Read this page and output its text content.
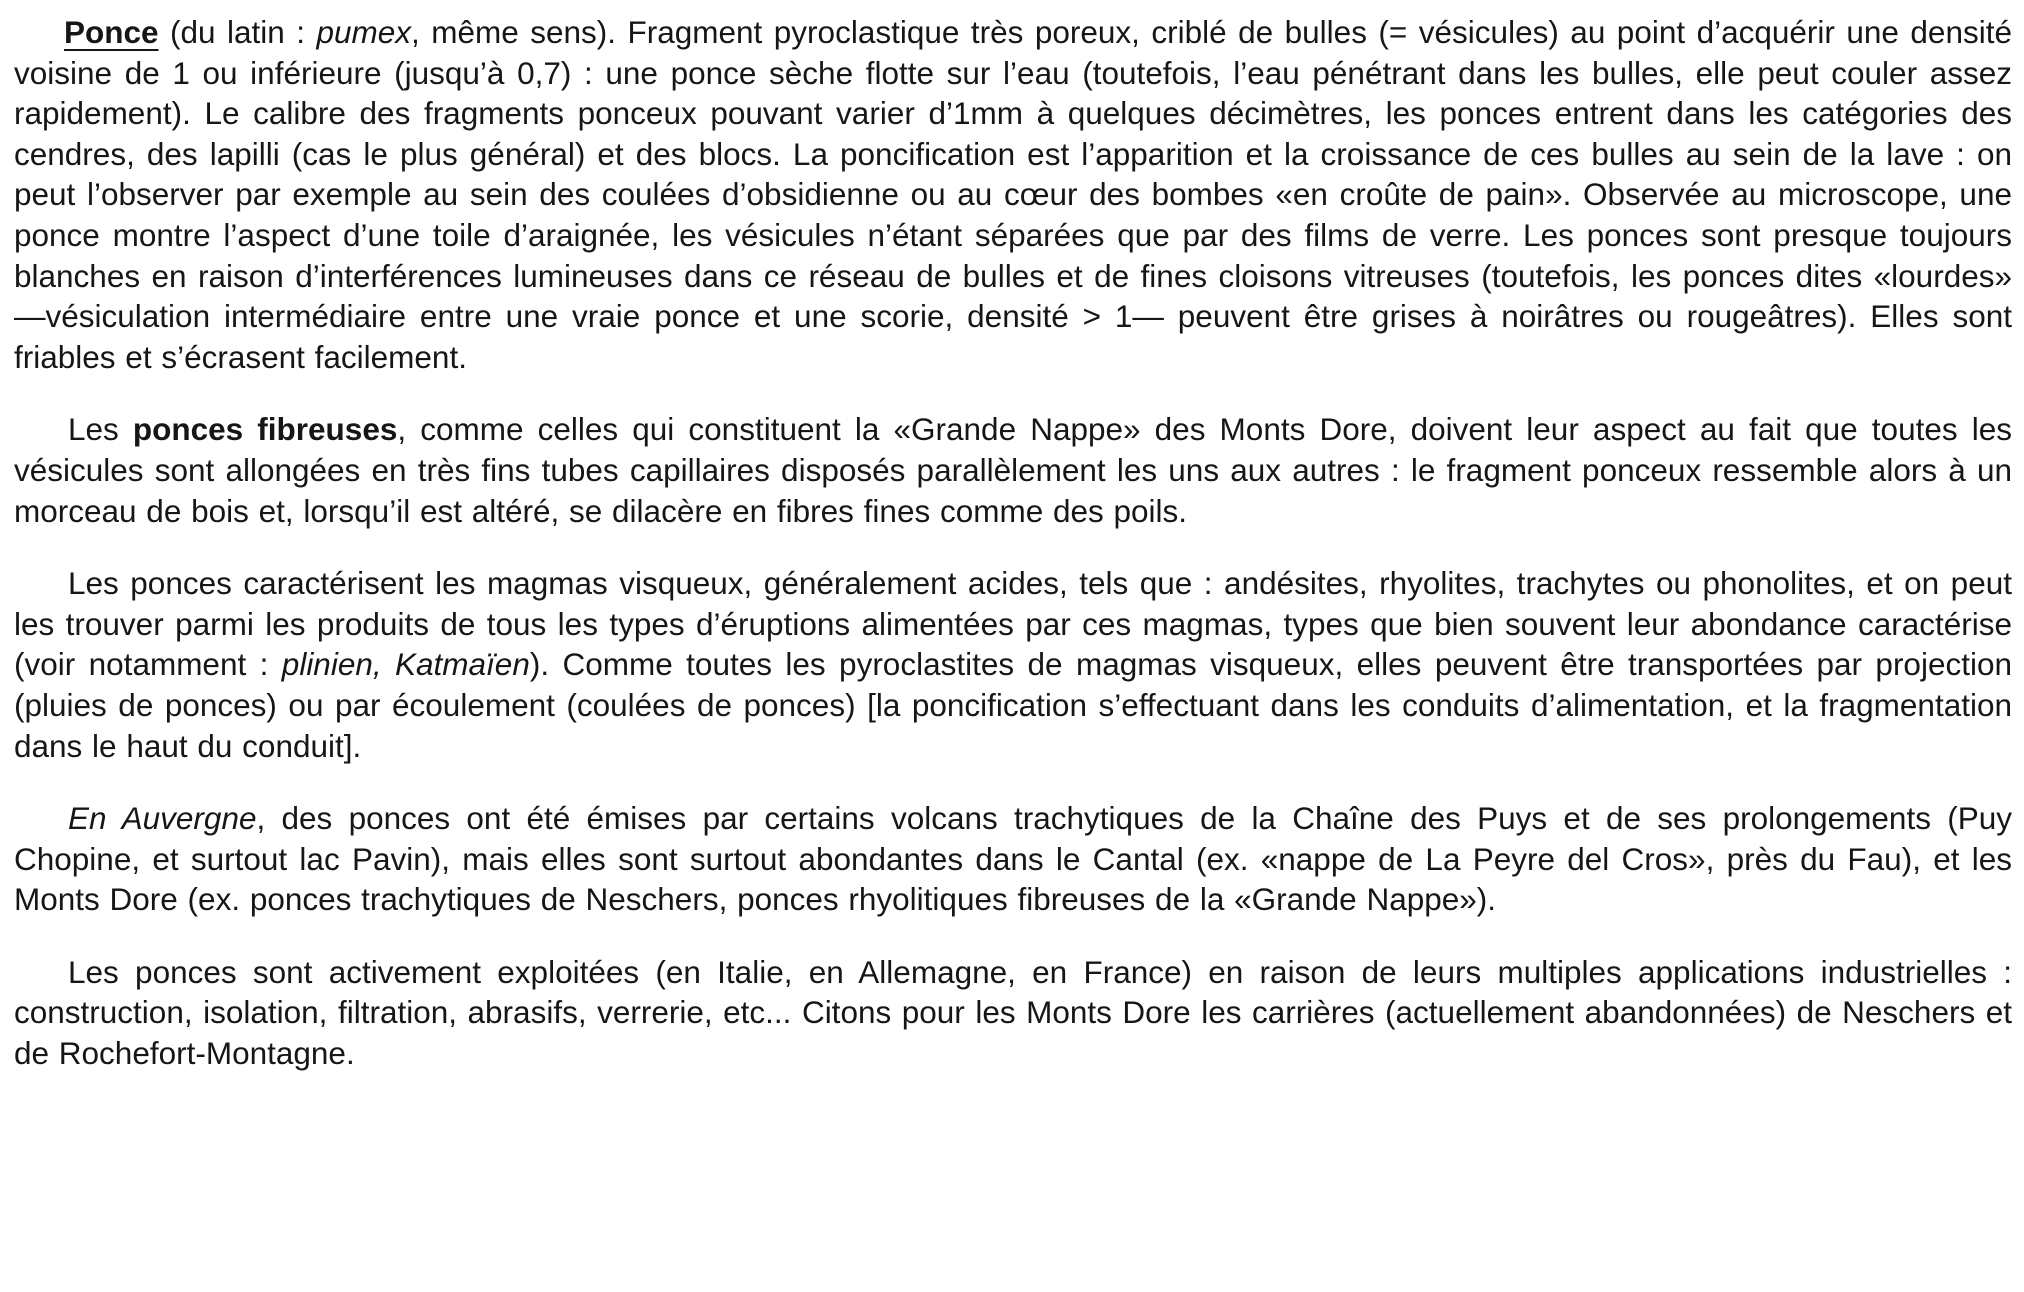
Ponce (du latin : pumex, même sens). Fragment pyroclastique très poreux, criblé de bulles (= vésicules) au point d’acquérir une densité voisine de 1 ou inférieure (jusqu’à 0,7) : une ponce sèche flotte sur l’eau (toutefois, l’eau pénétrant dans les bulles, elle peut couler assez rapidement). Le calibre des fragments ponceux pouvant varier d’1mm à quelques décimètres, les ponces entrent dans les catégories des cendres, des lapilli (cas le plus général) et des blocs. La poncification est l’apparition et la croissance de ces bulles au sein de la lave : on peut l’observer par exemple au sein des coulées d’obsidienne ou au cœur des bombes «en croûte de pain». Observée au microscope, une ponce montre l’aspect d’une toile d’araignée, les vésicules n’étant séparées que par des films de verre. Les ponces sont presque toujours blanches en raison d’interférences lumineuses dans ce réseau de bulles et de fines cloisons vitreuses (toutefois, les ponces dites «lourdes» —vésiculation intermédiaire entre une vraie ponce et une scorie, densité > 1— peuvent être grises à noirâtres ou rougeâtres). Elles sont friables et s’écrasent facilement.

Les ponces fibreuses, comme celles qui constituent la «Grande Nappe» des Monts Dore, doivent leur aspect au fait que toutes les vésicules sont allongées en très fins tubes capillaires disposés parallèlement les uns aux autres : le fragment ponceux ressemble alors à un morceau de bois et, lorsqu’il est altéré, se dilacère en fibres fines comme des poils.

Les ponces caractérisent les magmas visqueux, généralement acides, tels que : andésites, rhyolites, trachytes ou phonolites, et on peut les trouver parmi les produits de tous les types d’éruptions alimentées par ces magmas, types que bien souvent leur abondance caractérise (voir notamment : plinien, Katmaïen). Comme toutes les pyroclastites de magmas visqueux, elles peuvent être transportées par projection (pluies de ponces) ou par écoulement (coulées de ponces) [la poncification s’effectuant dans les conduits d’alimentation, et la fragmentation dans le haut du conduit].

En Auvergne, des ponces ont été émises par certains volcans trachytiques de la Chaîne des Puys et de ses prolongements (Puy Chopine, et surtout lac Pavin), mais elles sont surtout abondantes dans le Cantal (ex. «nappe de La Peyre del Cros», près du Fau), et les Monts Dore (ex. ponces trachytiques de Neschers, ponces rhyolitiques fibreuses de la «Grande Nappe»).

Les ponces sont activement exploitées (en Italie, en Allemagne, en France) en raison de leurs multiples applications industrielles : construction, isolation, filtration, abrasifs, verrerie, etc... Citons pour les Monts Dore les carrières (actuellement abandonnées) de Neschers et de Rochefort-Montagne.
